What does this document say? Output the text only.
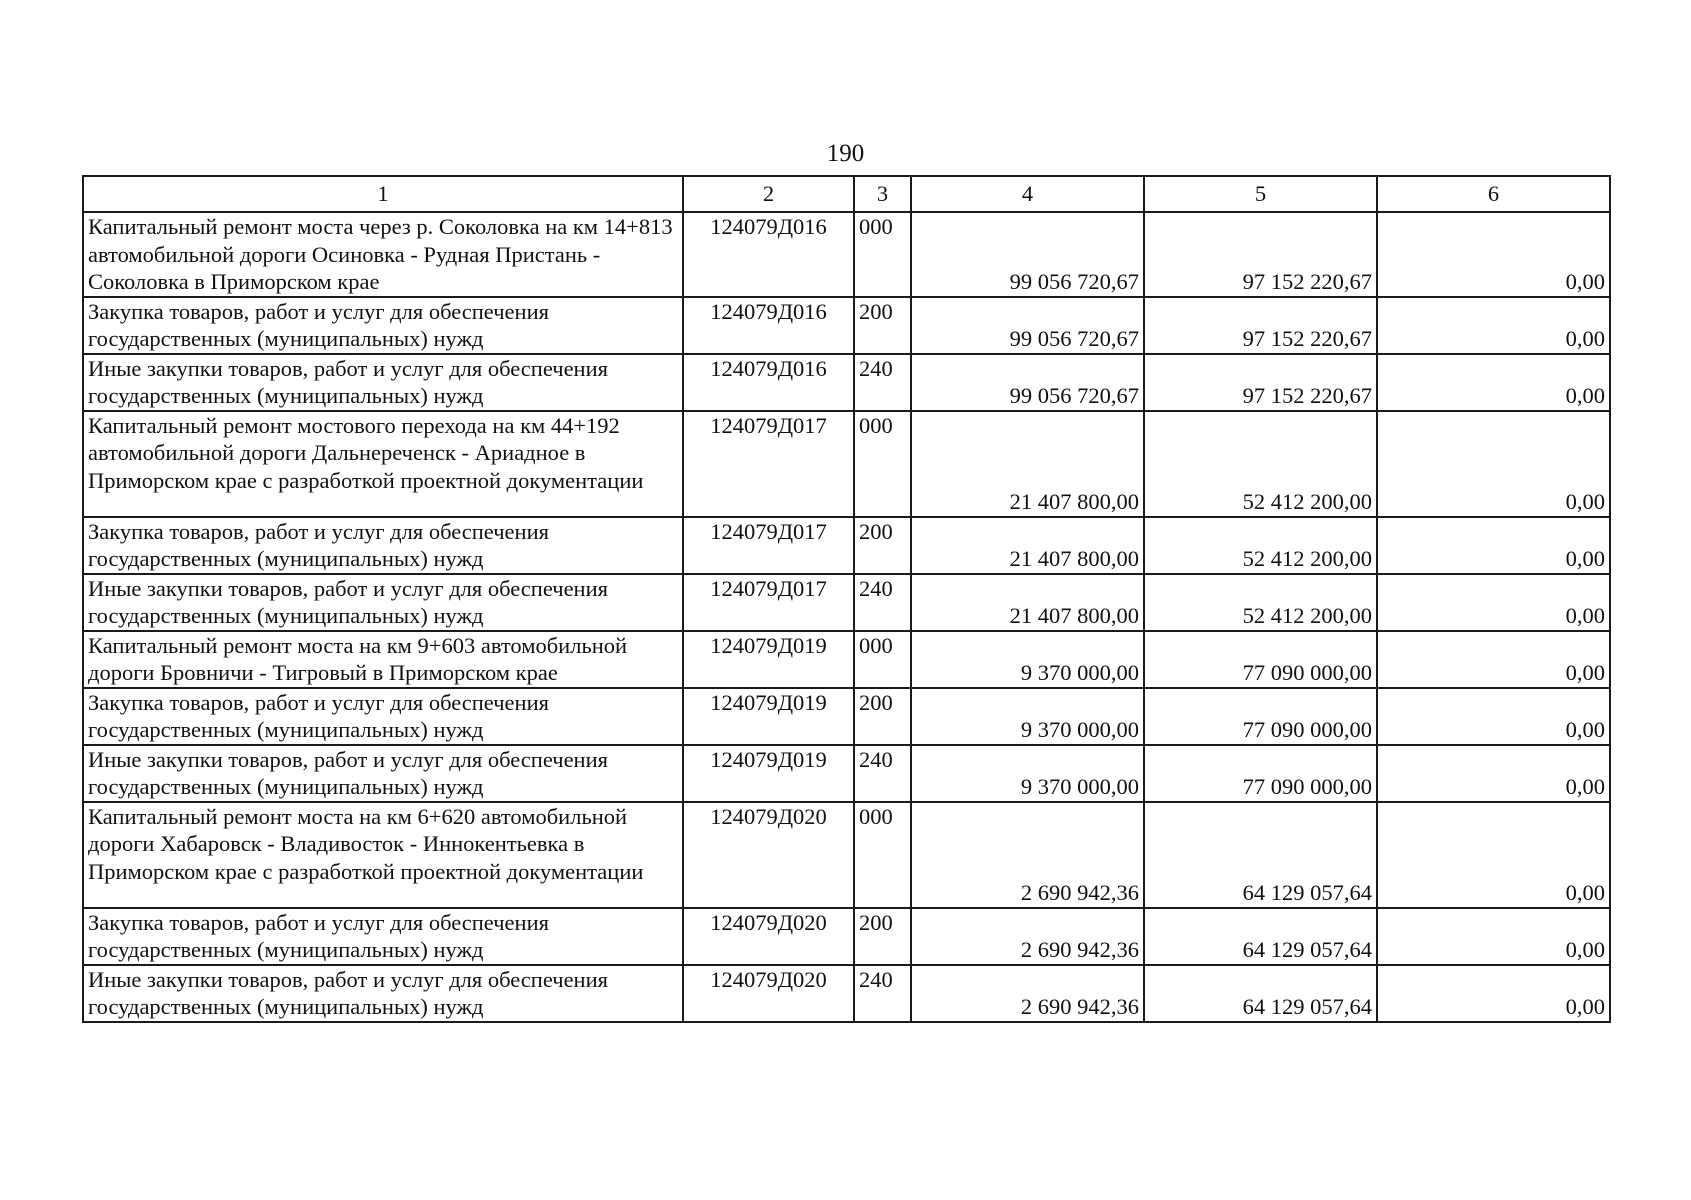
190
1	2	3	4	5	6
Капитальный ремонт моста через р. Соколовка на км 14+813 автомобильной дороги Осиновка - Рудная Пристань - Соколовка в Приморском крае	124079Д016	000	99 056 720,67	97 152 220,67	0,00
Закупка товаров, работ и услуг для обеспечения государственных (муниципальных) нужд	124079Д016	200	99 056 720,67	97 152 220,67	0,00
Иные закупки товаров, работ и услуг для обеспечения государственных (муниципальных) нужд	124079Д016	240	99 056 720,67	97 152 220,67	0,00
Капитальный ремонт мостового перехода на км 44+192 автомобильной дороги Дальнереченск - Ариадное в Приморском крае с разработкой проектной документации	124079Д017	000	21 407 800,00	52 412 200,00	0,00
Закупка товаров, работ и услуг для обеспечения государственных (муниципальных) нужд	124079Д017	200	21 407 800,00	52 412 200,00	0,00
Иные закупки товаров, работ и услуг для обеспечения государственных (муниципальных) нужд	124079Д017	240	21 407 800,00	52 412 200,00	0,00
Капитальный ремонт моста на км 9+603 автомобильной дороги Бровничи - Тигровый в Приморском крае	124079Д019	000	9 370 000,00	77 090 000,00	0,00
Закупка товаров, работ и услуг для обеспечения государственных (муниципальных) нужд	124079Д019	200	9 370 000,00	77 090 000,00	0,00
Иные закупки товаров, работ и услуг для обеспечения государственных (муниципальных) нужд	124079Д019	240	9 370 000,00	77 090 000,00	0,00
Капитальный ремонт моста на км 6+620 автомобильной дороги Хабаровск - Владивосток - Иннокентьевка в Приморском крае с разработкой проектной документации	124079Д020	000	2 690 942,36	64 129 057,64	0,00
Закупка товаров, работ и услуг для обеспечения государственных (муниципальных) нужд	124079Д020	200	2 690 942,36	64 129 057,64	0,00
Иные закупки товаров, работ и услуг для обеспечения государственных (муниципальных) нужд	124079Д020	240	2 690 942,36	64 129 057,64	0,00
